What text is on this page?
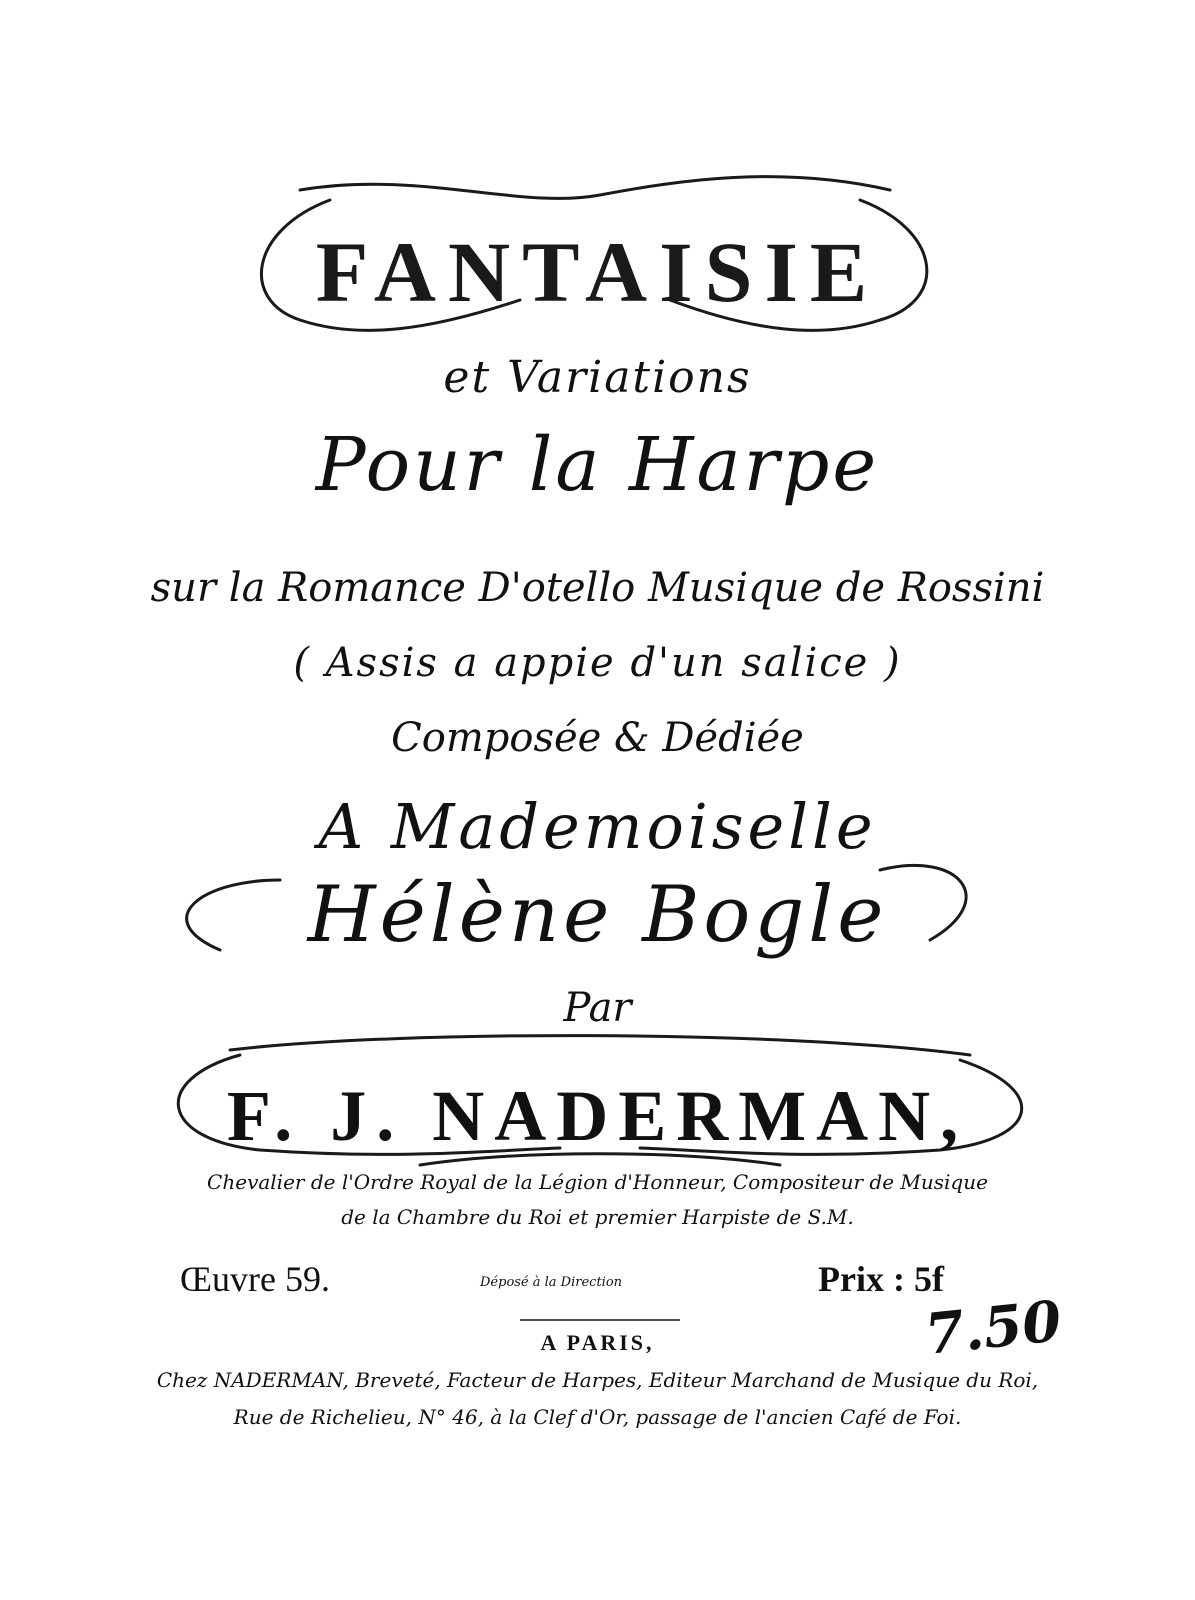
FANTAISIE
et Variations
Pour la Harpe
sur la Romance D'otello Musique de Rossini
( Assis a appie d'un salice )
Composée & Dédiée
A Mademoiselle
Hélène Bogle
Par
F. J. NADERMAN,
Chevalier de l'Ordre Royal de la Légion d'Honneur, Compositeur de Musique
de la Chambre du Roi et premier Harpiste de S.M.
Œuvre 59.	Déposé à la Direction	Prix : 5f
7.50
A PARIS,
Chez NADERMAN, Breveté, Facteur de Harpes, Editeur Marchand de Musique du Roi,
Rue de Richelieu, N° 46, à la Clef d'Or, passage de l'ancien Café de Foi.
